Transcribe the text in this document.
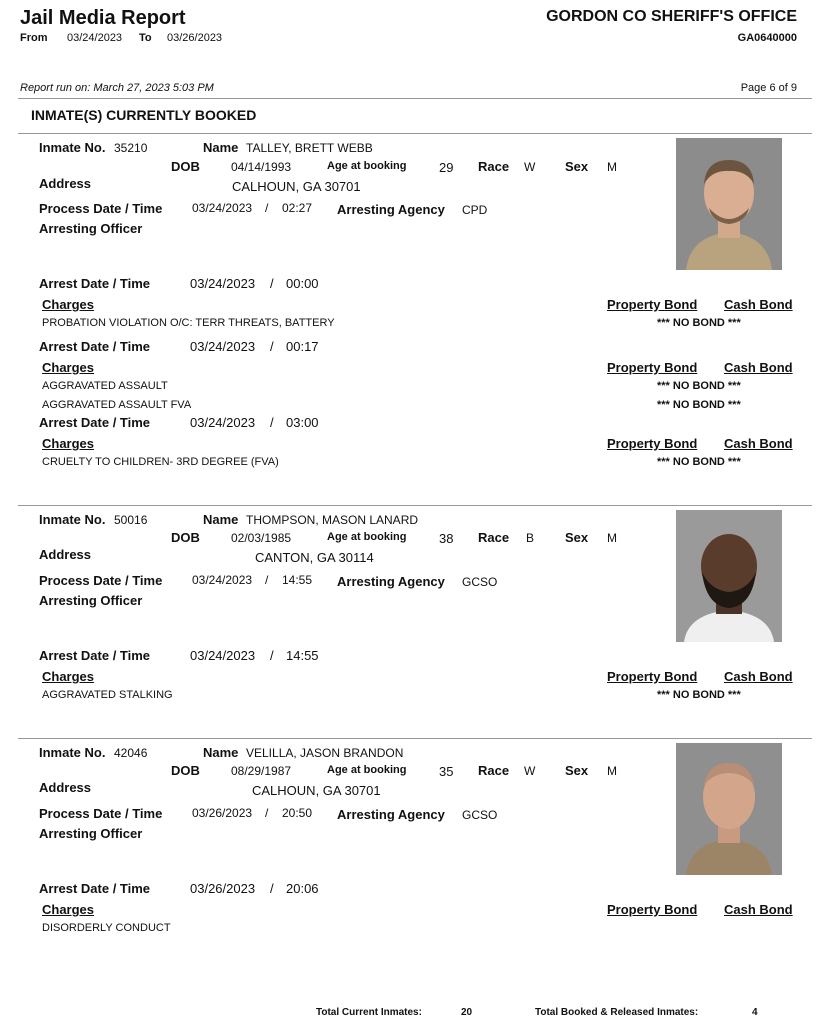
Jail Media Report
From 03/24/2023 To 03/26/2023
GORDON CO SHERIFF'S OFFICE
GA0640000
Report run on: March 27, 2023 5:03 PM	Page 6 of 9
INMATE(S) CURRENTLY BOOKED
Inmate No. 35210	Name TALLEY, BRETT WEBB
DOB	04/14/1993	Age at booking	29 Race W Sex M
Address	CALHOUN, GA 30701
Process Date / Time 03/24/2023 / 02:27 Arresting Agency CPD
Arresting Officer
Arrest Date / Time	03/24/2023 / 00:00
Charges	Property Bond Cash Bond
PROBATION VIOLATION O/C: TERR THREATS, BATTERY	*** NO BOND ***
Arrest Date / Time	03/24/2023 / 00:17
Charges	Property Bond Cash Bond
AGGRAVATED ASSAULT	*** NO BOND ***
AGGRAVATED ASSAULT FVA	*** NO BOND ***
Arrest Date / Time	03/24/2023 / 03:00
Charges	Property Bond Cash Bond
CRUELTY TO CHILDREN- 3RD DEGREE (FVA)	*** NO BOND ***
Inmate No. 50016	Name THOMPSON, MASON LANARD
DOB	02/03/1985	Age at booking	38 Race B Sex M
Address	CANTON, GA 30114
Process Date / Time 03/24/2023 / 14:55 Arresting Agency GCSO
Arresting Officer
Arrest Date / Time	03/24/2023 / 14:55
Charges	Property Bond Cash Bond
AGGRAVATED STALKING	*** NO BOND ***
Inmate No. 42046	Name VELILLA, JASON BRANDON
DOB	08/29/1987	Age at booking	35 Race W Sex M
Address	CALHOUN, GA 30701
Process Date / Time 03/26/2023 / 20:50 Arresting Agency GCSO
Arresting Officer
Arrest Date / Time	03/26/2023 / 20:06
Charges	Property Bond Cash Bond
DISORDERLY CONDUCT
Total Current Inmates:	20	Total Booked & Released Inmates:	4
